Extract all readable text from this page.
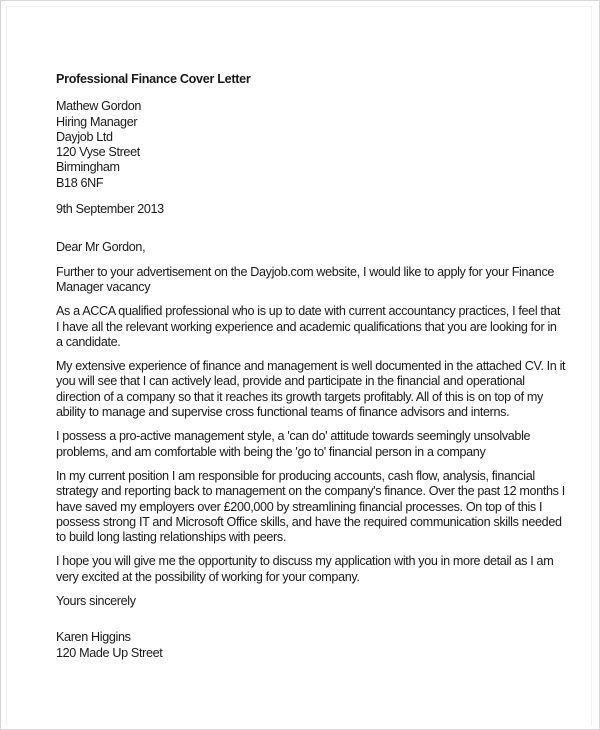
Professional Finance Cover Letter
Mathew Gordon
Hiring Manager
Dayjob Ltd
120 Vyse Street
Birmingham
B18 6NF
9th September 2013
Dear Mr Gordon,
Further to your advertisement on the Dayjob.com website, I would like to apply for your Finance
Manager vacancy
As a ACCA qualified professional who is up to date with current accountancy practices, I feel that
I have all the relevant working experience and academic qualifications that you are looking for in
a candidate.
My extensive experience of finance and management is well documented in the attached CV. In it
you will see that I can actively lead, provide and participate in the financial and operational
direction of a company so that it reaches its growth targets profitably. All of this is on top of my
ability to manage and supervise cross functional teams of finance advisors and interns.
I possess a pro-active management style, a 'can do' attitude towards seemingly unsolvable
problems, and am comfortable with being the 'go to' financial person in a company
In my current position I am responsible for producing accounts, cash flow, analysis, financial
strategy and reporting back to management on the company's finance. Over the past 12 months I
have saved my employers over £200,000 by streamlining financial processes. On top of this I
possess strong IT and Microsoft Office skills, and have the required communication skills needed
to build long lasting relationships with peers.
I hope you will give me the opportunity to discuss my application with you in more detail as I am
very excited at the possibility of working for your company.
Yours sincerely
Karen Higgins
120 Made Up Street
